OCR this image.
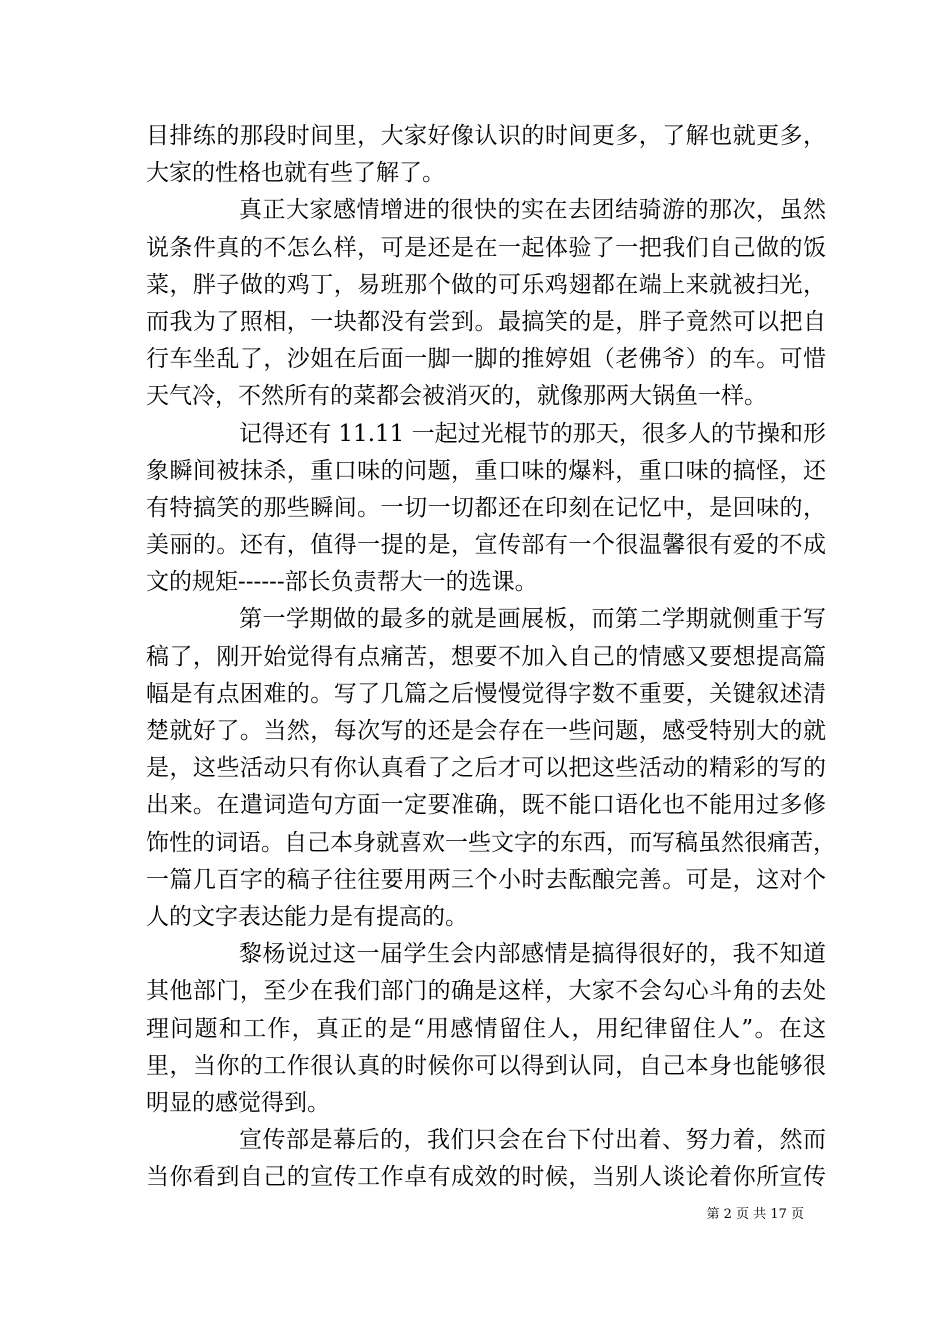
目排练的那段时间里，大家好像认识的时间更多，了解也就更多，
大家的性格也就有些了解了。
真正大家感情增进的很快的实在去团结骑游的那次，虽然
说条件真的不怎么样，可是还是在一起体验了一把我们自己做的饭
菜，胖子做的鸡丁，易班那个做的可乐鸡翅都在端上来就被扫光，
而我为了照相，一块都没有尝到。最搞笑的是，胖子竟然可以把自
行车坐乱了，沙姐在后面一脚一脚的推婷姐（老佛爷）的车。可惜
天气冷，不然所有的菜都会被消灭的，就像那两大锅鱼一样。
记得还有 11.11 一起过光棍节的那天，很多人的节操和形
象瞬间被抹杀，重口味的问题，重口味的爆料，重口味的搞怪，还
有特搞笑的那些瞬间。一切一切都还在印刻在记忆中，是回味的，
美丽的。还有，值得一提的是，宣传部有一个很温馨很有爱的不成
文的规矩------部长负责帮大一的选课。
第一学期做的最多的就是画展板，而第二学期就侧重于写
稿了，刚开始觉得有点痛苦，想要不加入自己的情感又要想提高篇
幅是有点困难的。写了几篇之后慢慢觉得字数不重要，关键叙述清
楚就好了。当然，每次写的还是会存在一些问题，感受特别大的就
是，这些活动只有你认真看了之后才可以把这些活动的精彩的写的
出来。在遣词造句方面一定要准确，既不能口语化也不能用过多修
饰性的词语。自己本身就喜欢一些文字的东西，而写稿虽然很痛苦，
一篇几百字的稿子往往要用两三个小时去酝酿完善。可是，这对个
人的文字表达能力是有提高的。
黎杨说过这一届学生会内部感情是搞得很好的，我不知道
其他部门，至少在我们部门的确是这样，大家不会勾心斗角的去处
理问题和工作，真正的是“用感情留住人，用纪律留住人”。在这
里，当你的工作很认真的时候你可以得到认同，自己本身也能够很
明显的感觉得到。
宣传部是幕后的，我们只会在台下付出着、努力着，然而
当你看到自己的宣传工作卓有成效的时候，当别人谈论着你所宣传
第 2 页 共 17 页
